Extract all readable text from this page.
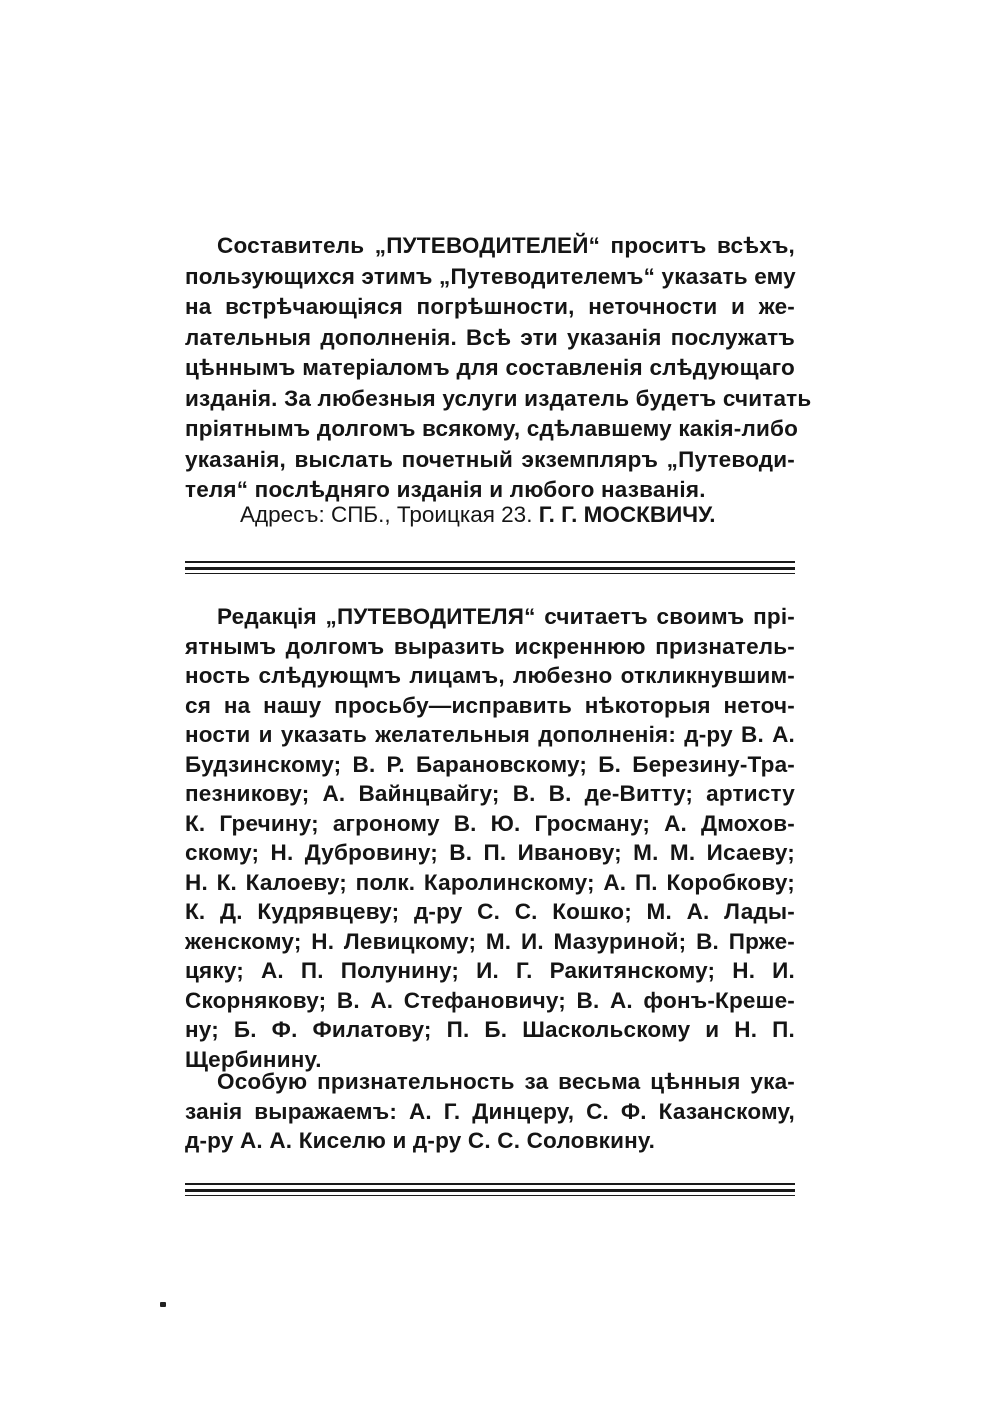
Составитель „ПУТЕВОДИТЕЛЕЙ“ проситъ всѣхъ,
пользующихся этимъ „Путеводителемъ“ указать ему
на встрѣчающіяся погрѣшности, неточности и же-
лательныя дополненія. Всѣ эти указанія послужатъ
цѣннымъ матеріаломъ для составленія слѣдующаго
изданія. За любезныя услуги издатель будетъ считать
пріятнымъ долгомъ всякому, сдѣлавшему какія-либо
указанія, выслать почетный экземпляръ „Путеводи-
теля“ послѣдняго изданія и любого названія.
Адресъ: СПБ., Троицкая 23. Г. Г. МОСКВИЧУ.
Редакція „ПУТЕВОДИТЕЛЯ“ считаетъ своимъ прі-
ятнымъ долгомъ выразить искреннюю признатель-
ность слѣдующмъ лицамъ, любезно откликнувшим-
ся на нашу просьбу—исправить нѣкоторыя неточ-
ности и указать желательныя дополненія: д-ру В. А.
Будзинскому; В. Р. Барановскому; Б. Березину-Тра-
пезникову; А. Вайнцвайгу; В. В. де-Витту; артисту
К. Гречину; агроному В. Ю. Гросману; А. Дмохов-
скому; Н. Дубровину; В. П. Иванову; М. М. Исаеву;
Н. К. Калоеву; полк. Каролинскому; А. П. Коробкову;
К. Д. Кудрявцеву; д-ру С. С. Кошко; М. А. Лады-
женскому; Н. Левицкому; М. И. Мазуриной; В. Прже-
цяку; А. П. Полунину; И. Г. Ракитянскому; Н. И.
Скорнякову; В. А. Стефановичу; В. А. фонъ-Крешe-
ну; Б. Ф. Филатову; П. Б. Шаскольскому и Н. П.
Щербинину.
Особую признательность за весьма цѣнныя ука-
занія выражаемъ: А. Г. Динцеру, С. Ф. Казанскому,
д-ру А. А. Киселю и д-ру С. С. Соловкину.
